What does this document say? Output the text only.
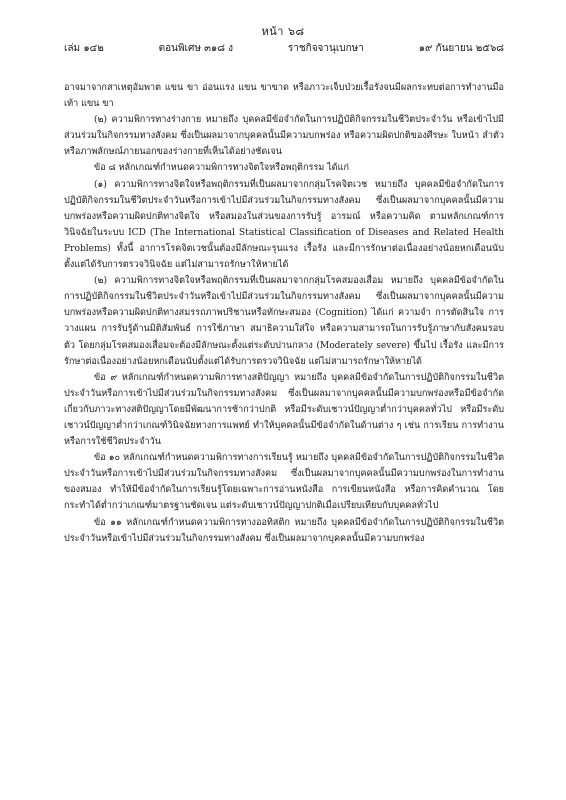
หน้า ๖๘
เล่ม ๑๔๒	ตอนพิเศษ ๓๑๘ ง	ราชกิจจานุเบกษา	๑๙ กันยายน ๒๕๖๘

อาจมาจากสาเหตุอัมพาต แขน ขา อ่อนแรง แขน ขาขาด หรือภาวะเจ็บป่วยเรื้อรังจนมีผลกระทบต่อการทำงานมือ เท้า แขน ขา

(๒) ความพิการทางร่างกาย หมายถึง บุคคลมีข้อจำกัดในการปฏิบัติกิจกรรมในชีวิตประจำวัน หรือเข้าไปมีส่วนร่วมในกิจกรรมทางสังคม ซึ่งเป็นผลมาจากบุคคลนั้นมีความบกพร่อง หรือความผิดปกติของศีรษะ ใบหน้า ลำตัว หรือภาพลักษณ์ภายนอกของร่างกายที่เห็นได้อย่างชัดเจน

ข้อ ๘ หลักเกณฑ์กำหนดความพิการทางจิตใจหรือพฤติกรรม ได้แก่

(๑) ความพิการทางจิตใจหรือพฤติกรรมที่เป็นผลมาจากกลุ่มโรคจิตเวช หมายถึง บุคคลมีข้อจำกัดในการปฏิบัติกิจกรรมในชีวิตประจำวันหรือการเข้าไปมีส่วนร่วมในกิจกรรมทางสังคม ซึ่งเป็นผลมาจากบุคคลนั้นมีความบกพร่องหรือความผิดปกติทางจิตใจ หรือสมองในส่วนของการรับรู้ อารมณ์ หรือความคิด ตามหลักเกณฑ์การวินิจฉัยในระบบ ICD (The International Statistical Classification of Diseases and Related Health Problems) ทั้งนี้ อาการโรคจิตเวชนั้นต้องมีลักษณะรุนแรง เรื้อรัง และมีการรักษาต่อเนื่องอย่างน้อยหกเดือนนับตั้งแต่ได้รับการตรวจวินิจฉัย แต่ไม่สามารถรักษาให้หายได้

(๒) ความพิการทางจิตใจหรือพฤติกรรมที่เป็นผลมาจากกลุ่มโรคสมองเสื่อม หมายถึง บุคคลมีข้อจำกัดในการปฏิบัติกิจกรรมในชีวิตประจำวันหรือเข้าไปมีส่วนร่วมในกิจกรรมทางสังคม ซึ่งเป็นผลมาจากบุคคลนั้นมีความบกพร่องหรือความผิดปกติทางสมรรถภาพปริชานหรือทักษะสมอง (Cognition) ได้แก่ ความจำ การตัดสินใจ การวางแผน การรับรู้ด้านมิติสัมพันธ์ การใช้ภาษา สมาธิความใส่ใจ หรือความสามารถในการรับรู้ภาษากับสังคมรอบตัว โดยกลุ่มโรคสมองเสื่อมจะต้องมีลักษณะตั้งแต่ระดับปานกลาง (Moderately severe) ขึ้นไป เรื้อรัง และมีการรักษาต่อเนื่องอย่างน้อยหกเดือนนับตั้งแต่ได้รับการตรวจวินิจฉัย แต่ไม่สามารถรักษาให้หายได้

ข้อ ๙ หลักเกณฑ์กำหนดความพิการทางสติปัญญา หมายถึง บุคคลมีข้อจำกัดในการปฏิบัติกิจกรรมในชีวิตประจำวันหรือการเข้าไปมีส่วนร่วมในกิจกรรมทางสังคม ซึ่งเป็นผลมาจากบุคคลนั้นมีความบกพร่องหรือมีข้อจำกัดเกี่ยวกับภาวะทางสติปัญญาโดยมีพัฒนาการช้ากว่าปกติ หรือมีระดับเชาวน์ปัญญาต่ำกว่าบุคคลทั่วไป หรือมีระดับเชาวน์ปัญญาต่ำกว่าเกณฑ์วินิจฉัยทางการแพทย์ ทำให้บุคคลนั้นมีข้อจำกัดในด้านต่าง ๆ เช่น การเรียน การทำงาน หรือการใช้ชีวิตประจำวัน

ข้อ ๑๐ หลักเกณฑ์กำหนดความพิการทางการเรียนรู้ หมายถึง บุคคลมีข้อจำกัดในการปฏิบัติกิจกรรมในชีวิตประจำวันหรือการเข้าไปมีส่วนร่วมในกิจกรรมทางสังคม ซึ่งเป็นผลมาจากบุคคลนั้นมีความบกพร่องในการทำงานของสมอง ทำให้มีข้อจำกัดในการเรียนรู้โดยเฉพาะการอ่านหนังสือ การเขียนหนังสือ หรือการคิดคำนวณ โดยกระทำได้ต่ำกว่าเกณฑ์มาตรฐานชัดเจน แต่ระดับเชาวน์ปัญญาปกติเมื่อเปรียบเทียบกับบุคคลทั่วไป

ข้อ ๑๑ หลักเกณฑ์กำหนดความพิการทางออทิสติก หมายถึง บุคคลมีข้อจำกัดในการปฏิบัติกิจกรรมในชีวิตประจำวันหรือเข้าไปมีส่วนร่วมในกิจกรรมทางสังคม ซึ่งเป็นผลมาจากบุคคลนั้นมีความบกพร่อง
